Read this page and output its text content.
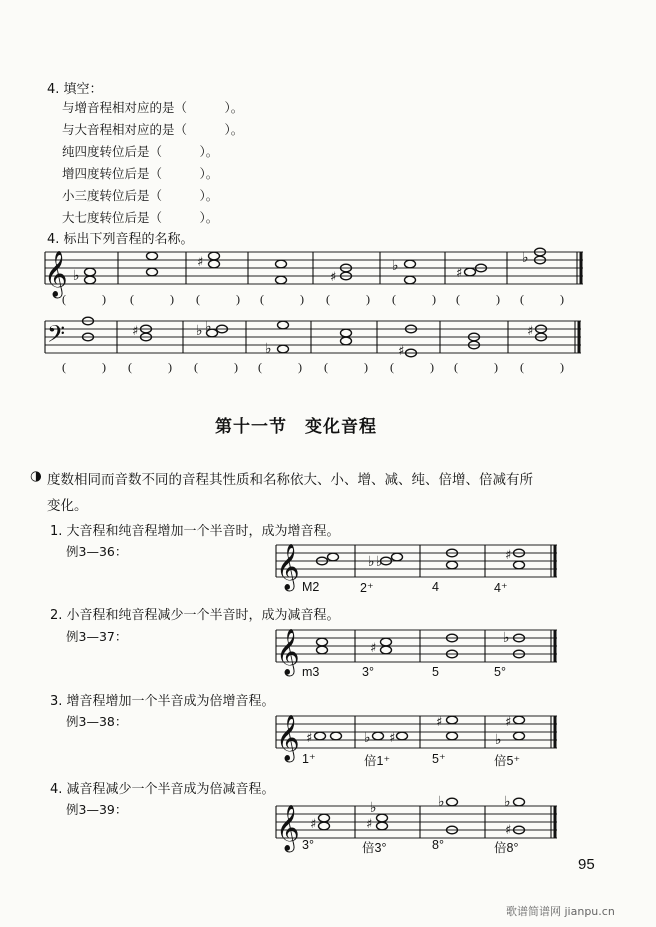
4. 填空：
与增音程相对应的是（　　　）。
与大音程相对应的是（　　　）。
纯四度转位后是（　　　）。
增四度转位后是（　　　）。
小三度转位后是（　　　）。
大七度转位后是（　　　）。
4. 标出下列音程的名称。
𝄞 ♭
♯
♯
♭	♯
♭
(　　　) (　　　) (　　　) (　　　) (　　　) (　　　) (　　　) (　　　)
𝄢	♯	♭ ♭
♭	♯
♯
(　　　) (　　　) (　　　) (　　　) (　　　) (　　　) (　　　) (　　　)
第十一节　变化音程
◑ 度数相同而音数不同的音程其性质和名称依大、小、增、减、纯、倍增、倍减有所
变化。
1. 大音程和纯音程增加一个半音时，成为增音程。
例3—36：	𝄞	♭ ♭	♯
M2	2⁺	4	4⁺
2. 小音程和纯音程减少一个半音时，成为减音程。
例3—37：	𝄞	♯
♭
m3	3°	5	5°
3. 增音程增加一个半音成为倍增音程。
例3—38：	𝄞 ♯	♭ ♯
♯	♯
♭
1⁺	倍1⁺	5⁺	倍5⁺
4. 减音程减少一个半音成为倍减音程。
例3—39：	𝄞 ♯
♭
♯
♭	♭
♯
3°	倍3°	8°	倍8°
95
歌谱简谱网 jianpu.cn
